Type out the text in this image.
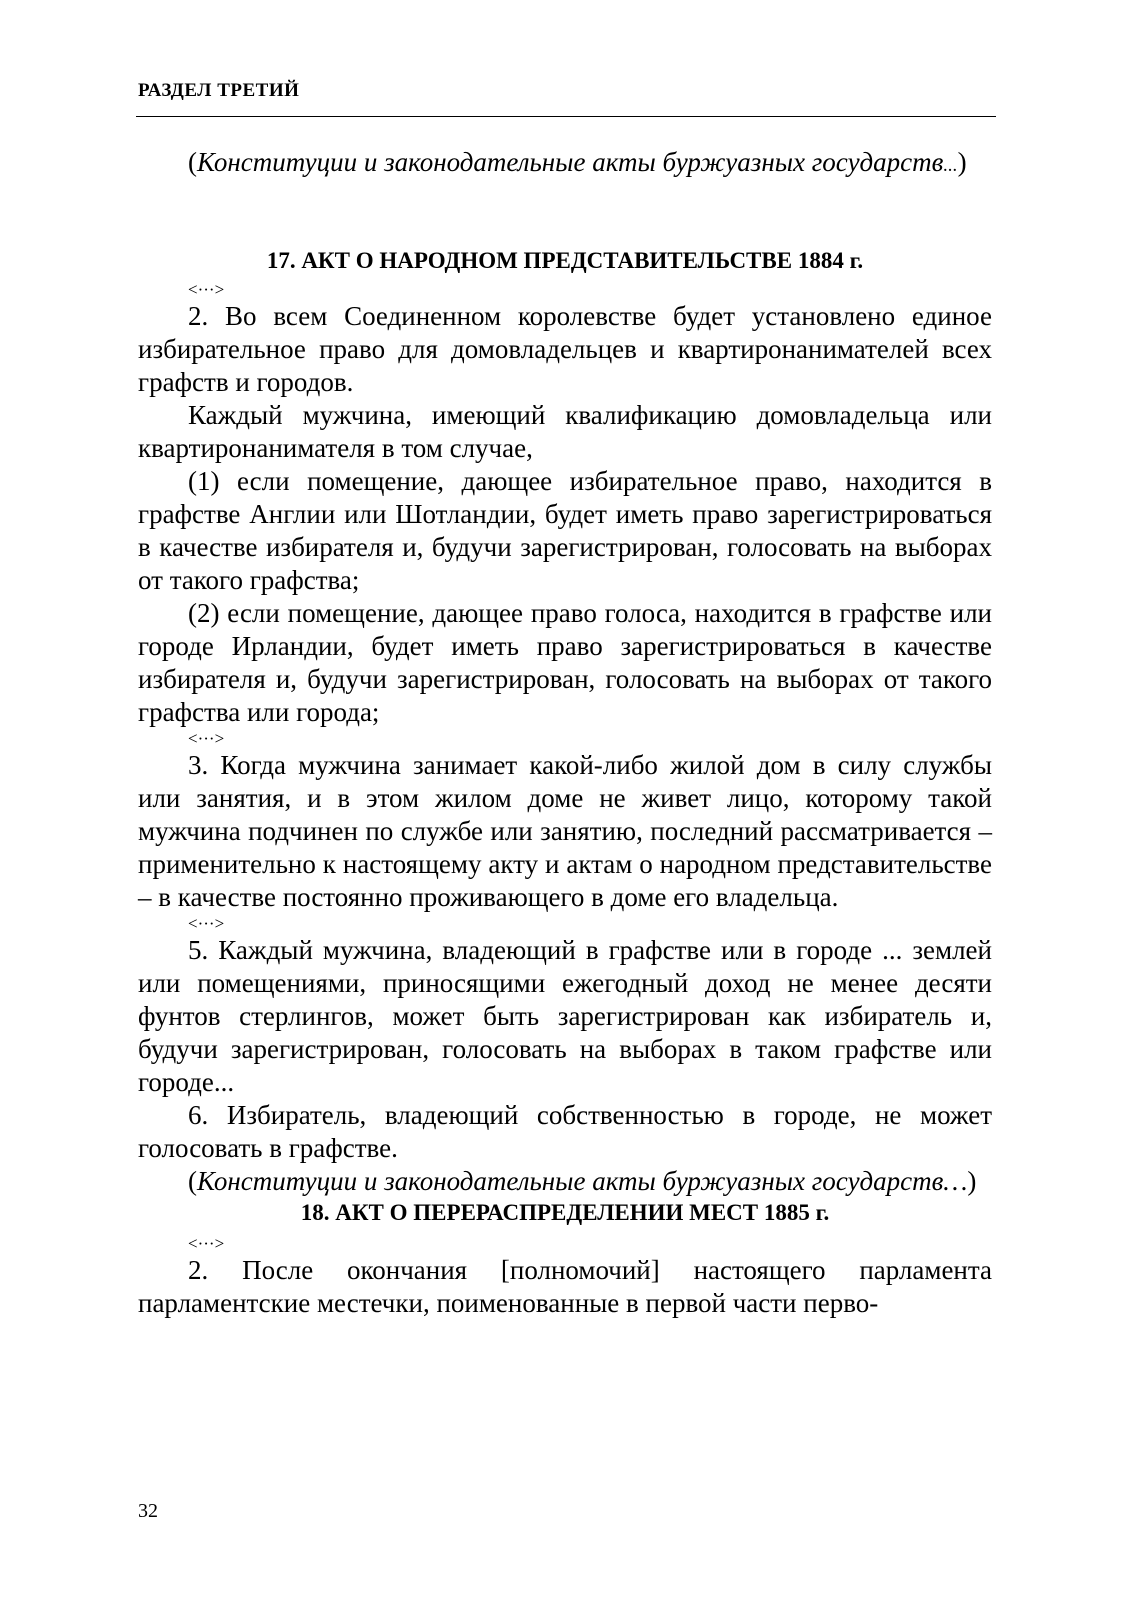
РАЗДЕЛ ТРЕТИЙ

(Конституции и законодательные акты буржуазных государств...)

17. АКТ О НАРОДНОМ ПРЕДСТАВИТЕЛЬСТВЕ 1884 г.

<···>

2. Во всем Соединенном королевстве будет установлено единое избирательное право для домовладельцев и квартиронанимателей всех графств и городов.

Каждый мужчина, имеющий квалификацию домовладельца или квартиронанимателя в том случае,

(1) если помещение, дающее избирательное право, находится в графстве Англии или Шотландии, будет иметь право зарегистрироваться в качестве избирателя и, будучи зарегистрирован, голосовать на выборах от такого графства;

(2) если помещение, дающее право голоса, находится в графстве или городе Ирландии, будет иметь право зарегистрироваться в качестве избирателя и, будучи зарегистрирован, голосовать на выборах от такого графства или города;

<···>

3. Когда мужчина занимает какой-либо жилой дом в силу службы или занятия, и в этом жилом доме не живет лицо, которому такой мужчина подчинен по службе или занятию, последний рассматривается – применительно к настоящему акту и актам о народном представительстве – в качестве постоянно проживающего в доме его владельца.

<···>

5. Каждый мужчина, владеющий в графстве или в городе ... землей или помещениями, приносящими ежегодный доход не менее десяти фунтов стерлингов, может быть зарегистрирован как избиратель и, будучи зарегистрирован, голосовать на выборах в таком графстве или городе...

6. Избиратель, владеющий собственностью в городе, не может голосовать в графстве.

(Конституции и законодательные акты буржуазных государств…)

18. АКТ О ПЕРЕРАСПРЕДЕЛЕНИИ МЕСТ 1885 г.

<···>

2. После окончания [полномочий] настоящего парламента парламентские местечки, поименованные в первой части перво-

32
